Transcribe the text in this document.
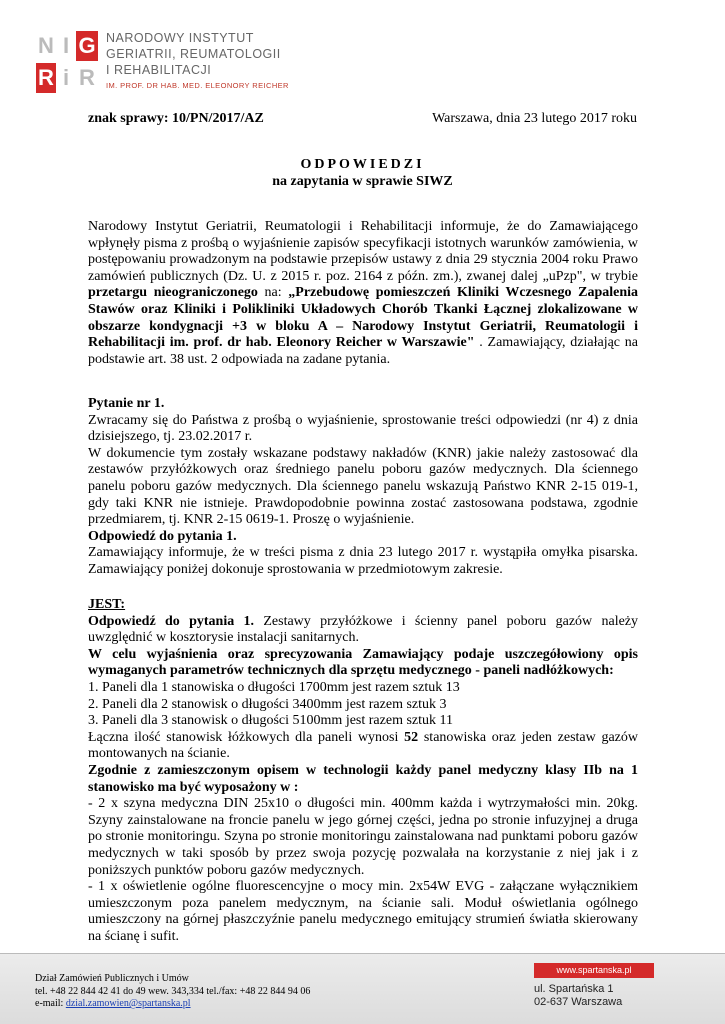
N I G
R i R
NARODOWY INSTYTUT
GERIATRII, REUMATOLOGII
I REHABILITACJI
IM. PROF. DR HAB. MED. ELEONORY REICHER
znak sprawy: 10/PN/2017/AZ	Warszawa, dnia 23 lutego 2017 roku
ODPOWIEDZI
na zapytania w sprawie SIWZ

Narodowy Instytut Geriatrii, Reumatologii i Rehabilitacji informuje, że do Zamawiającego wpłynęły pisma z prośbą o wyjaśnienie zapisów specyfikacji istotnych warunków zamówienia, w postępowaniu prowadzonym na podstawie przepisów ustawy z dnia 29 stycznia 2004 roku Prawo zamówień publicznych (Dz. U. z 2015 r. poz. 2164 z późn. zm.), zwanej dalej „uPzp", w trybie przetargu nieograniczonego na: „Przebudowę pomieszczeń Kliniki Wczesnego Zapalenia Stawów oraz Kliniki i Polikliniki Układowych Chorób Tkanki Łącznej zlokalizowane w obszarze kondygnacji +3 w bloku A – Narodowy Instytut Geriatrii, Reumatologii i Rehabilitacji im. prof. dr hab. Eleonory Reicher w Warszawie" . Zamawiający, działając na podstawie art. 38 ust. 2 odpowiada na zadane pytania.

Pytanie nr 1.

Zwracamy się do Państwa z prośbą o wyjaśnienie, sprostowanie treści odpowiedzi (nr 4) z dnia dzisiejszego, tj. 23.02.2017 r.

W dokumencie tym zostały wskazane podstawy nakładów (KNR) jakie należy zastosować dla zestawów przyłóżkowych oraz średniego panelu poboru gazów medycznych. Dla ściennego panelu poboru gazów medycznych. Dla ściennego panelu wskazują Państwo KNR 2-15 019-1, gdy taki KNR nie istnieje. Prawdopodobnie powinna zostać zastosowana podstawa, zgodnie przedmiarem, tj. KNR 2-15 0619-1. Proszę o wyjaśnienie.

Odpowiedź do pytania 1.

Zamawiający informuje, że w treści pisma z dnia 23 lutego 2017 r. wystąpiła omyłka pisarska. Zamawiający poniżej dokonuje sprostowania w przedmiotowym zakresie.

JEST:

Odpowiedź do pytania 1. Zestawy przyłóżkowe i ścienny panel poboru gazów należy uwzględnić w kosztorysie instalacji sanitarnych.

W celu wyjaśnienia oraz sprecyzowania Zamawiający podaje uszczegółowiony opis wymaganych parametrów technicznych dla sprzętu medycznego - paneli nadłóżkowych:

1. Paneli dla 1 stanowiska o długości 1700mm jest razem sztuk 13

2. Paneli dla 2 stanowisk o długości 3400mm jest razem sztuk 3

3. Paneli dla 3 stanowisk o długości 5100mm jest razem sztuk 11

Łączna ilość stanowisk łóżkowych dla paneli wynosi 52 stanowiska oraz jeden zestaw gazów montowanych na ścianie.

Zgodnie z zamieszczonym opisem w technologii każdy panel medyczny klasy IIb na 1 stanowisko ma być wyposażony w :

- 2 x szyna medyczna DIN 25x10 o długości min. 400mm każda i wytrzymałości min. 20kg. Szyny zainstalowane na froncie panelu w jego górnej części, jedna po stronie infuzyjnej a druga po stronie monitoringu. Szyna po stronie monitoringu zainstalowana nad punktami poboru gazów medycznych w taki sposób by przez swoja pozycję pozwalała na korzystanie z niej jak i z poniższych punktów poboru gazów medycznych.

- 1 x oświetlenie ogólne fluorescencyjne o mocy min. 2x54W EVG - załączane wyłącznikiem umieszczonym poza panelem medycznym, na ścianie sali. Moduł oświetlania ogólnego umieszczony na górnej płaszczyźnie panelu medycznego emitujący strumień światła skierowany na ścianę i sufit.

Dział Zamówień Publicznych i Umów
tel. +48 22 844 42 41 do 49 wew. 343,334 tel./fax: +48 22 844 94 06
e-mail: dzial.zamowien@spartanska.pl
www.spartanska.pl
ul. Spartańska 1
02-637 Warszawa
